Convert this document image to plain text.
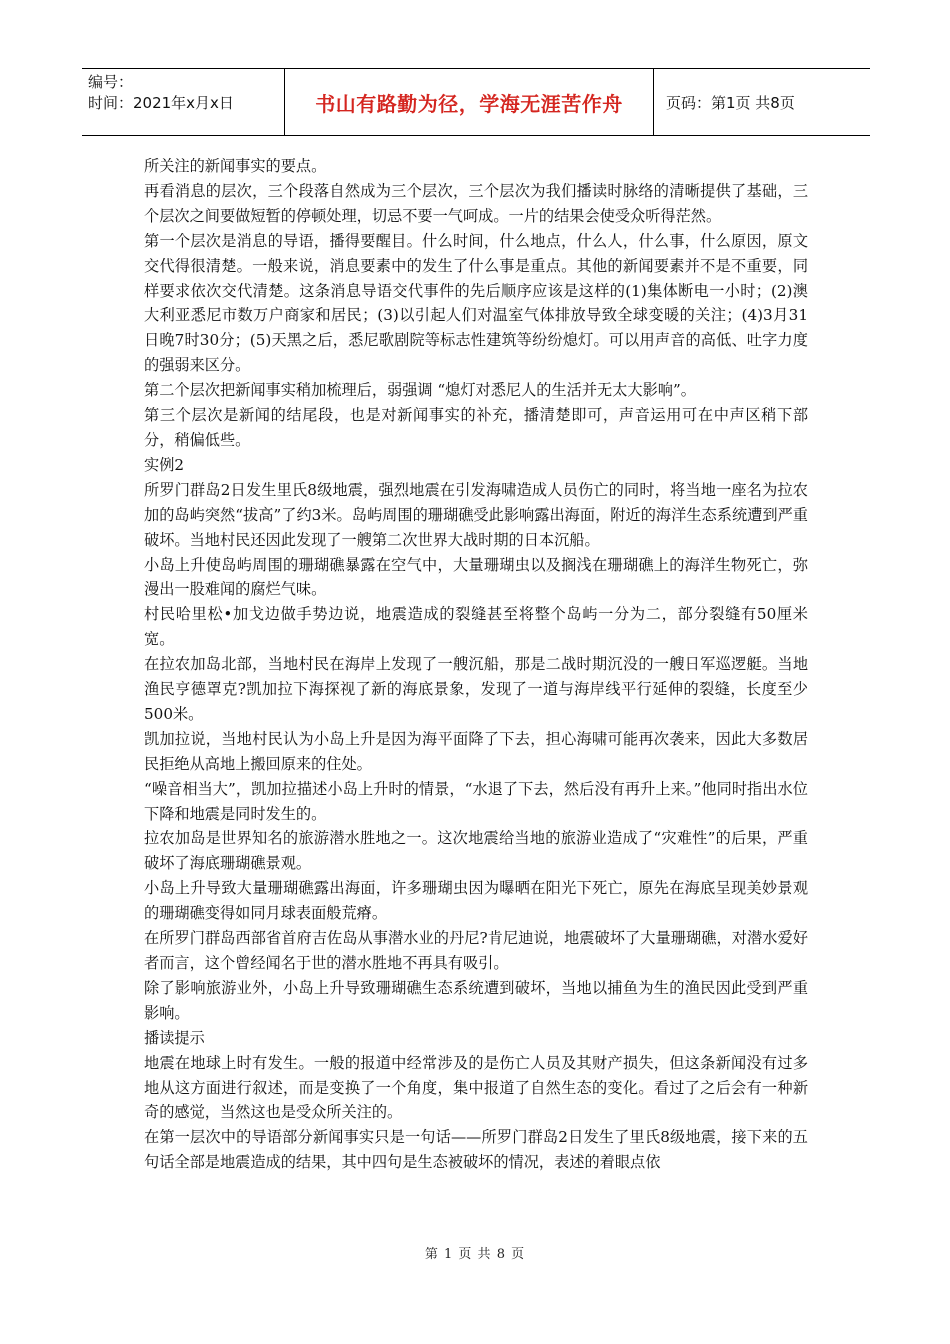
编号：
时间：2021年x月x日	书山有路勤为径，学海无涯苦作舟	页码：第1页 共8页

所关注的新闻事实的要点。

再看消息的层次，三个段落自然成为三个层次，三个层次为我们播读时脉络的清晰提供了基础，三个层次之间要做短暂的停顿处理，切忌不要一气呵成。一片的结果会使受众听得茫然。

第一个层次是消息的导语，播得要醒目。什么时间，什么地点，什么人，什么事，什么原因，原文交代得很清楚。一般来说，消息要素中的发生了什么事是重点。其他的新闻要素并不是不重要，同样要求依次交代清楚。这条消息导语交代事件的先后顺序应该是这样的(1)集体断电一小时；(2)澳大利亚悉尼市数万户商家和居民；(3)以引起人们对温室气体排放导致全球变暖的关注；(4)3月31日晚7时30分；(5)天黑之后，悉尼歌剧院等标志性建筑等纷纷熄灯。可以用声音的高低、吐字力度的强弱来区分。

第二个层次把新闻事实稍加梳理后，弱强调 “熄灯对悉尼人的生活并无太大影响”。

第三个层次是新闻的结尾段，也是对新闻事实的补充，播清楚即可，声音运用可在中声区稍下部分，稍偏低些。

实例2

所罗门群岛2日发生里氏8级地震，强烈地震在引发海啸造成人员伤亡的同时，将当地一座名为拉农加的岛屿突然“拔高”了约3米。岛屿周围的珊瑚礁受此影响露出海面，附近的海洋生态系统遭到严重破坏。当地村民还因此发现了一艘第二次世界大战时期的日本沉船。

小岛上升使岛屿周围的珊瑚礁暴露在空气中，大量珊瑚虫以及搁浅在珊瑚礁上的海洋生物死亡，弥漫出一股难闻的腐烂气味。

村民哈里松•加戈边做手势边说，地震造成的裂缝甚至将整个岛屿一分为二，部分裂缝有50厘米宽。

在拉农加岛北部，当地村民在海岸上发现了一艘沉船，那是二战时期沉没的一艘日军巡逻艇。当地渔民亨德罩克?凯加拉下海探视了新的海底景象，发现了一道与海岸线平行延伸的裂缝，长度至少500米。

凯加拉说，当地村民认为小岛上升是因为海平面降了下去，担心海啸可能再次袭来，因此大多数居民拒绝从高地上搬回原来的住处。

“噪音相当大”，凯加拉描述小岛上升时的情景，“水退了下去，然后没有再升上来。”他同时指出水位下降和地震是同时发生的。

拉农加岛是世界知名的旅游潜水胜地之一。这次地震给当地的旅游业造成了“灾难性”的后果，严重破坏了海底珊瑚礁景观。

小岛上升导致大量珊瑚礁露出海面，许多珊瑚虫因为曝晒在阳光下死亡，原先在海底呈现美妙景观的珊瑚礁变得如同月球表面般荒瘠。

在所罗门群岛西部省首府吉佐岛从事潜水业的丹尼?肯尼迪说，地震破坏了大量珊瑚礁，对潜水爱好者而言，这个曾经闻名于世的潜水胜地不再具有吸引。

除了影响旅游业外，小岛上升导致珊瑚礁生态系统遭到破坏，当地以捕鱼为生的渔民因此受到严重影响。

播读提示

地震在地球上时有发生。一般的报道中经常涉及的是伤亡人员及其财产损失，但这条新闻没有过多地从这方面进行叙述，而是变换了一个角度，集中报道了自然生态的变化。看过了之后会有一种新奇的感觉，当然这也是受众所关注的。

在第一层次中的导语部分新闻事实只是一句话——所罗门群岛2日发生了里氏8级地震，接下来的五句话全部是地震造成的结果，其中四句是生态被破坏的情况，表述的着眼点依

第 1 页 共 8 页
